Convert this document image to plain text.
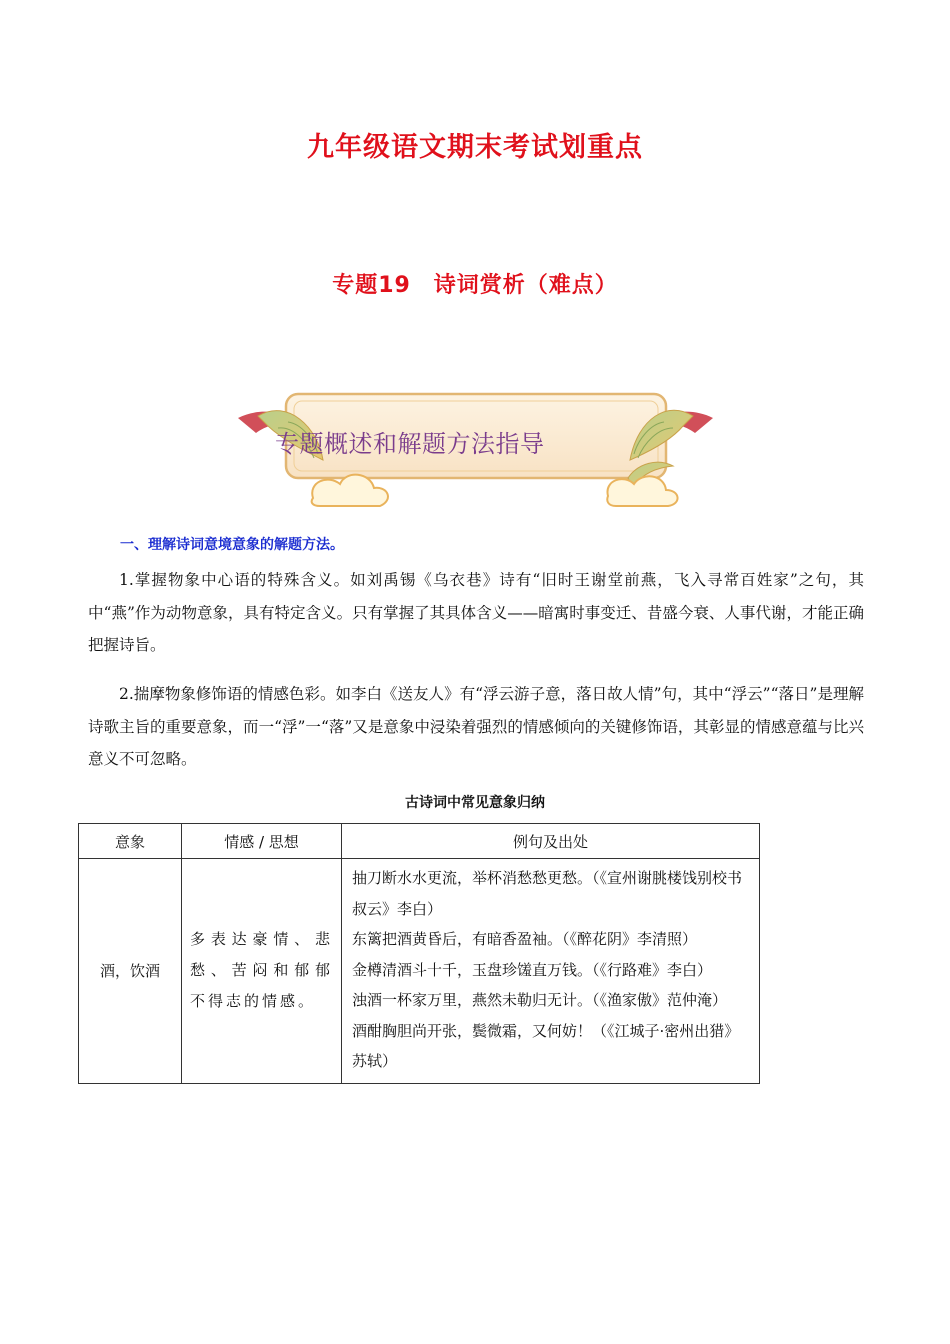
九年级语文期末考试划重点
专题19　诗词赏析（难点）
专题概述和解题方法指导
一、理解诗词意境意象的解题方法。

1.掌握物象中心语的特殊含义。如刘禹锡《乌衣巷》诗有“旧时王谢堂前燕，飞入寻常百姓家”之句，其中“燕”作为动物意象，具有特定含义。只有掌握了其具体含义——暗寓时事变迁、昔盛今衰、人事代谢，才能正确把握诗旨。

2.揣摩物象修饰语的情感色彩。如李白《送友人》有“浮云游子意，落日故人情”句，其中“浮云”“落日”是理解诗歌主旨的重要意象，而一“浮”一“落”又是意象中浸染着强烈的情感倾向的关键修饰语，其彰显的情感意蕴与比兴意义不可忽略。

古诗词中常见意象归纳
意象	情感 / 思想	例句及出处
酒，饮酒	多表达豪情、悲愁、苦闷和郁郁不得志的情感。	抽刀断水水更流，举杯消愁愁更愁。（《宣州谢朓楼饯别校书叔云》李白）
东篱把酒黄昏后，有暗香盈袖。（《醉花阴》李清照）
金樽清酒斗十千，玉盘珍馐直万钱。（《行路难》李白）
浊酒一杯家万里，燕然未勒归无计。（《渔家傲》范仲淹）
酒酣胸胆尚开张，鬓微霜，又何妨！（《江城子·密州出猎》苏轼）
